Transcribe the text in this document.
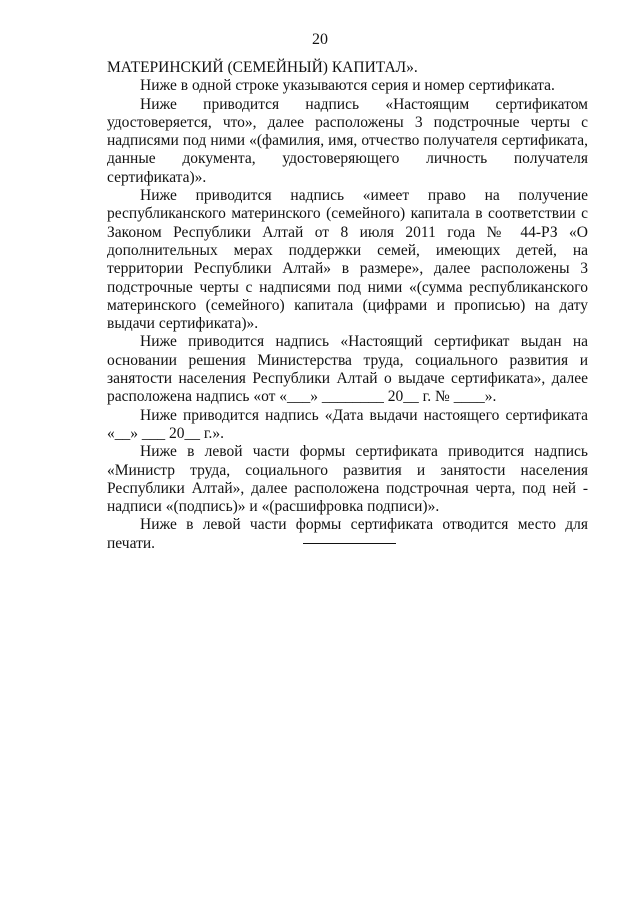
20

МАТЕРИНСКИЙ (СЕМЕЙНЫЙ) КАПИТАЛ».

Ниже в одной строке указываются серия и номер сертификата.

Ниже приводится надпись «Настоящим сертификатом удостоверяется, что», далее расположены 3 подстрочные черты с надписями под ними «(фамилия, имя, отчество получателя сертификата, данные документа, удостоверяющего личность получателя сертификата)».

Ниже приводится надпись «имеет право на получение республиканского материнского (семейного) капитала в соответствии с Законом Республики Алтай от 8 июля 2011 года № 44-РЗ «О дополнительных мерах поддержки семей, имеющих детей, на территории Республики Алтай» в размере», далее расположены 3 подстрочные черты с надписями под ними «(сумма республиканского материнского (семейного) капитала (цифрами и прописью) на дату выдачи сертификата)».

Ниже приводится надпись «Настоящий сертификат выдан на основании решения Министерства труда, социального развития и занятости населения Республики Алтай о выдаче сертификата», далее расположена надпись «от «___» ________ 20__ г. № ____».

Ниже приводится надпись «Дата выдачи настоящего сертификата «__» ___ 20__ г.».

Ниже в левой части формы сертификата приводится надпись «Министр труда, социального развития и занятости населения Республики Алтай», далее расположена подстрочная черта, под ней - надписи «(подпись)» и «(расшифровка подписи)».

Ниже в левой части формы сертификата отводится место для печати.
